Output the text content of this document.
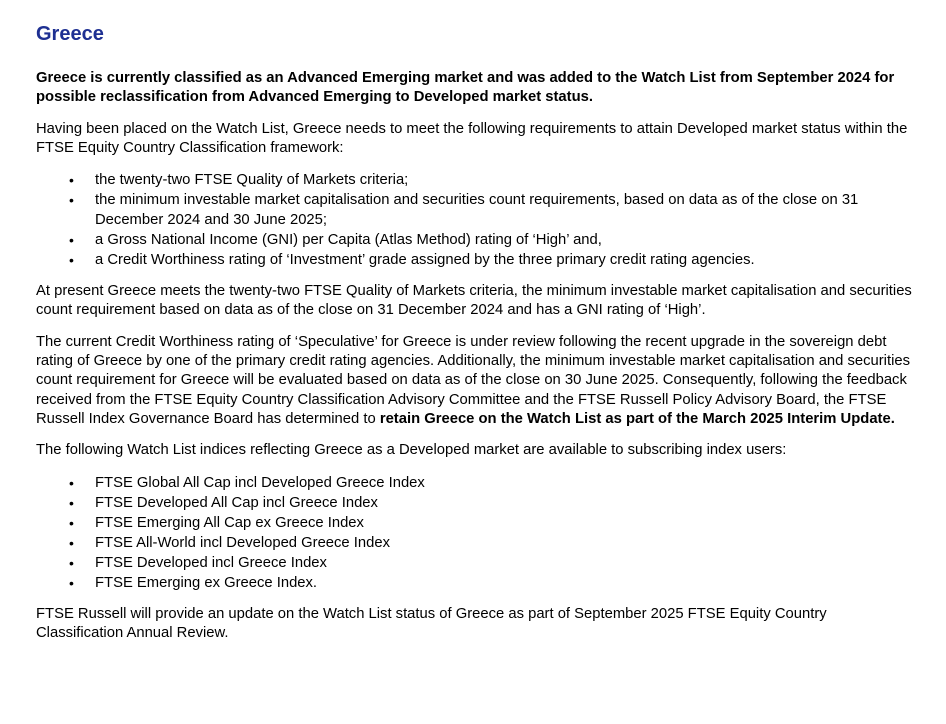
Greece

Greece is currently classified as an Advanced Emerging market and was added to the Watch List from September 2024 for possible reclassification from Advanced Emerging to Developed market status.

Having been placed on the Watch List, Greece needs to meet the following requirements to attain Developed market status within the FTSE Equity Country Classification framework:

• the twenty-two FTSE Quality of Markets criteria;
• the minimum investable market capitalisation and securities count requirements, based on data as of the close on 31 December 2024 and 30 June 2025;
• a Gross National Income (GNI) per Capita (Atlas Method) rating of ‘High’ and,
• a Credit Worthiness rating of ‘Investment’ grade assigned by the three primary credit rating agencies.

At present Greece meets the twenty-two FTSE Quality of Markets criteria, the minimum investable market capitalisation and securities count requirement based on data as of the close on 31 December 2024 and has a GNI rating of ‘High’.

The current Credit Worthiness rating of ‘Speculative’ for Greece is under review following the recent upgrade in the sovereign debt rating of Greece by one of the primary credit rating agencies. Additionally, the minimum investable market capitalisation and securities count requirement for Greece will be evaluated based on data as of the close on 30 June 2025. Consequently, following the feedback received from the FTSE Equity Country Classification Advisory Committee and the FTSE Russell Policy Advisory Board, the FTSE Russell Index Governance Board has determined to retain Greece on the Watch List as part of the March 2025 Interim Update.

The following Watch List indices reflecting Greece as a Developed market are available to subscribing index users:

• FTSE Global All Cap incl Developed Greece Index
• FTSE Developed All Cap incl Greece Index
• FTSE Emerging All Cap ex Greece Index
• FTSE All-World incl Developed Greece Index
• FTSE Developed incl Greece Index
• FTSE Emerging ex Greece Index.

FTSE Russell will provide an update on the Watch List status of Greece as part of September 2025 FTSE Equity Country Classification Annual Review.
